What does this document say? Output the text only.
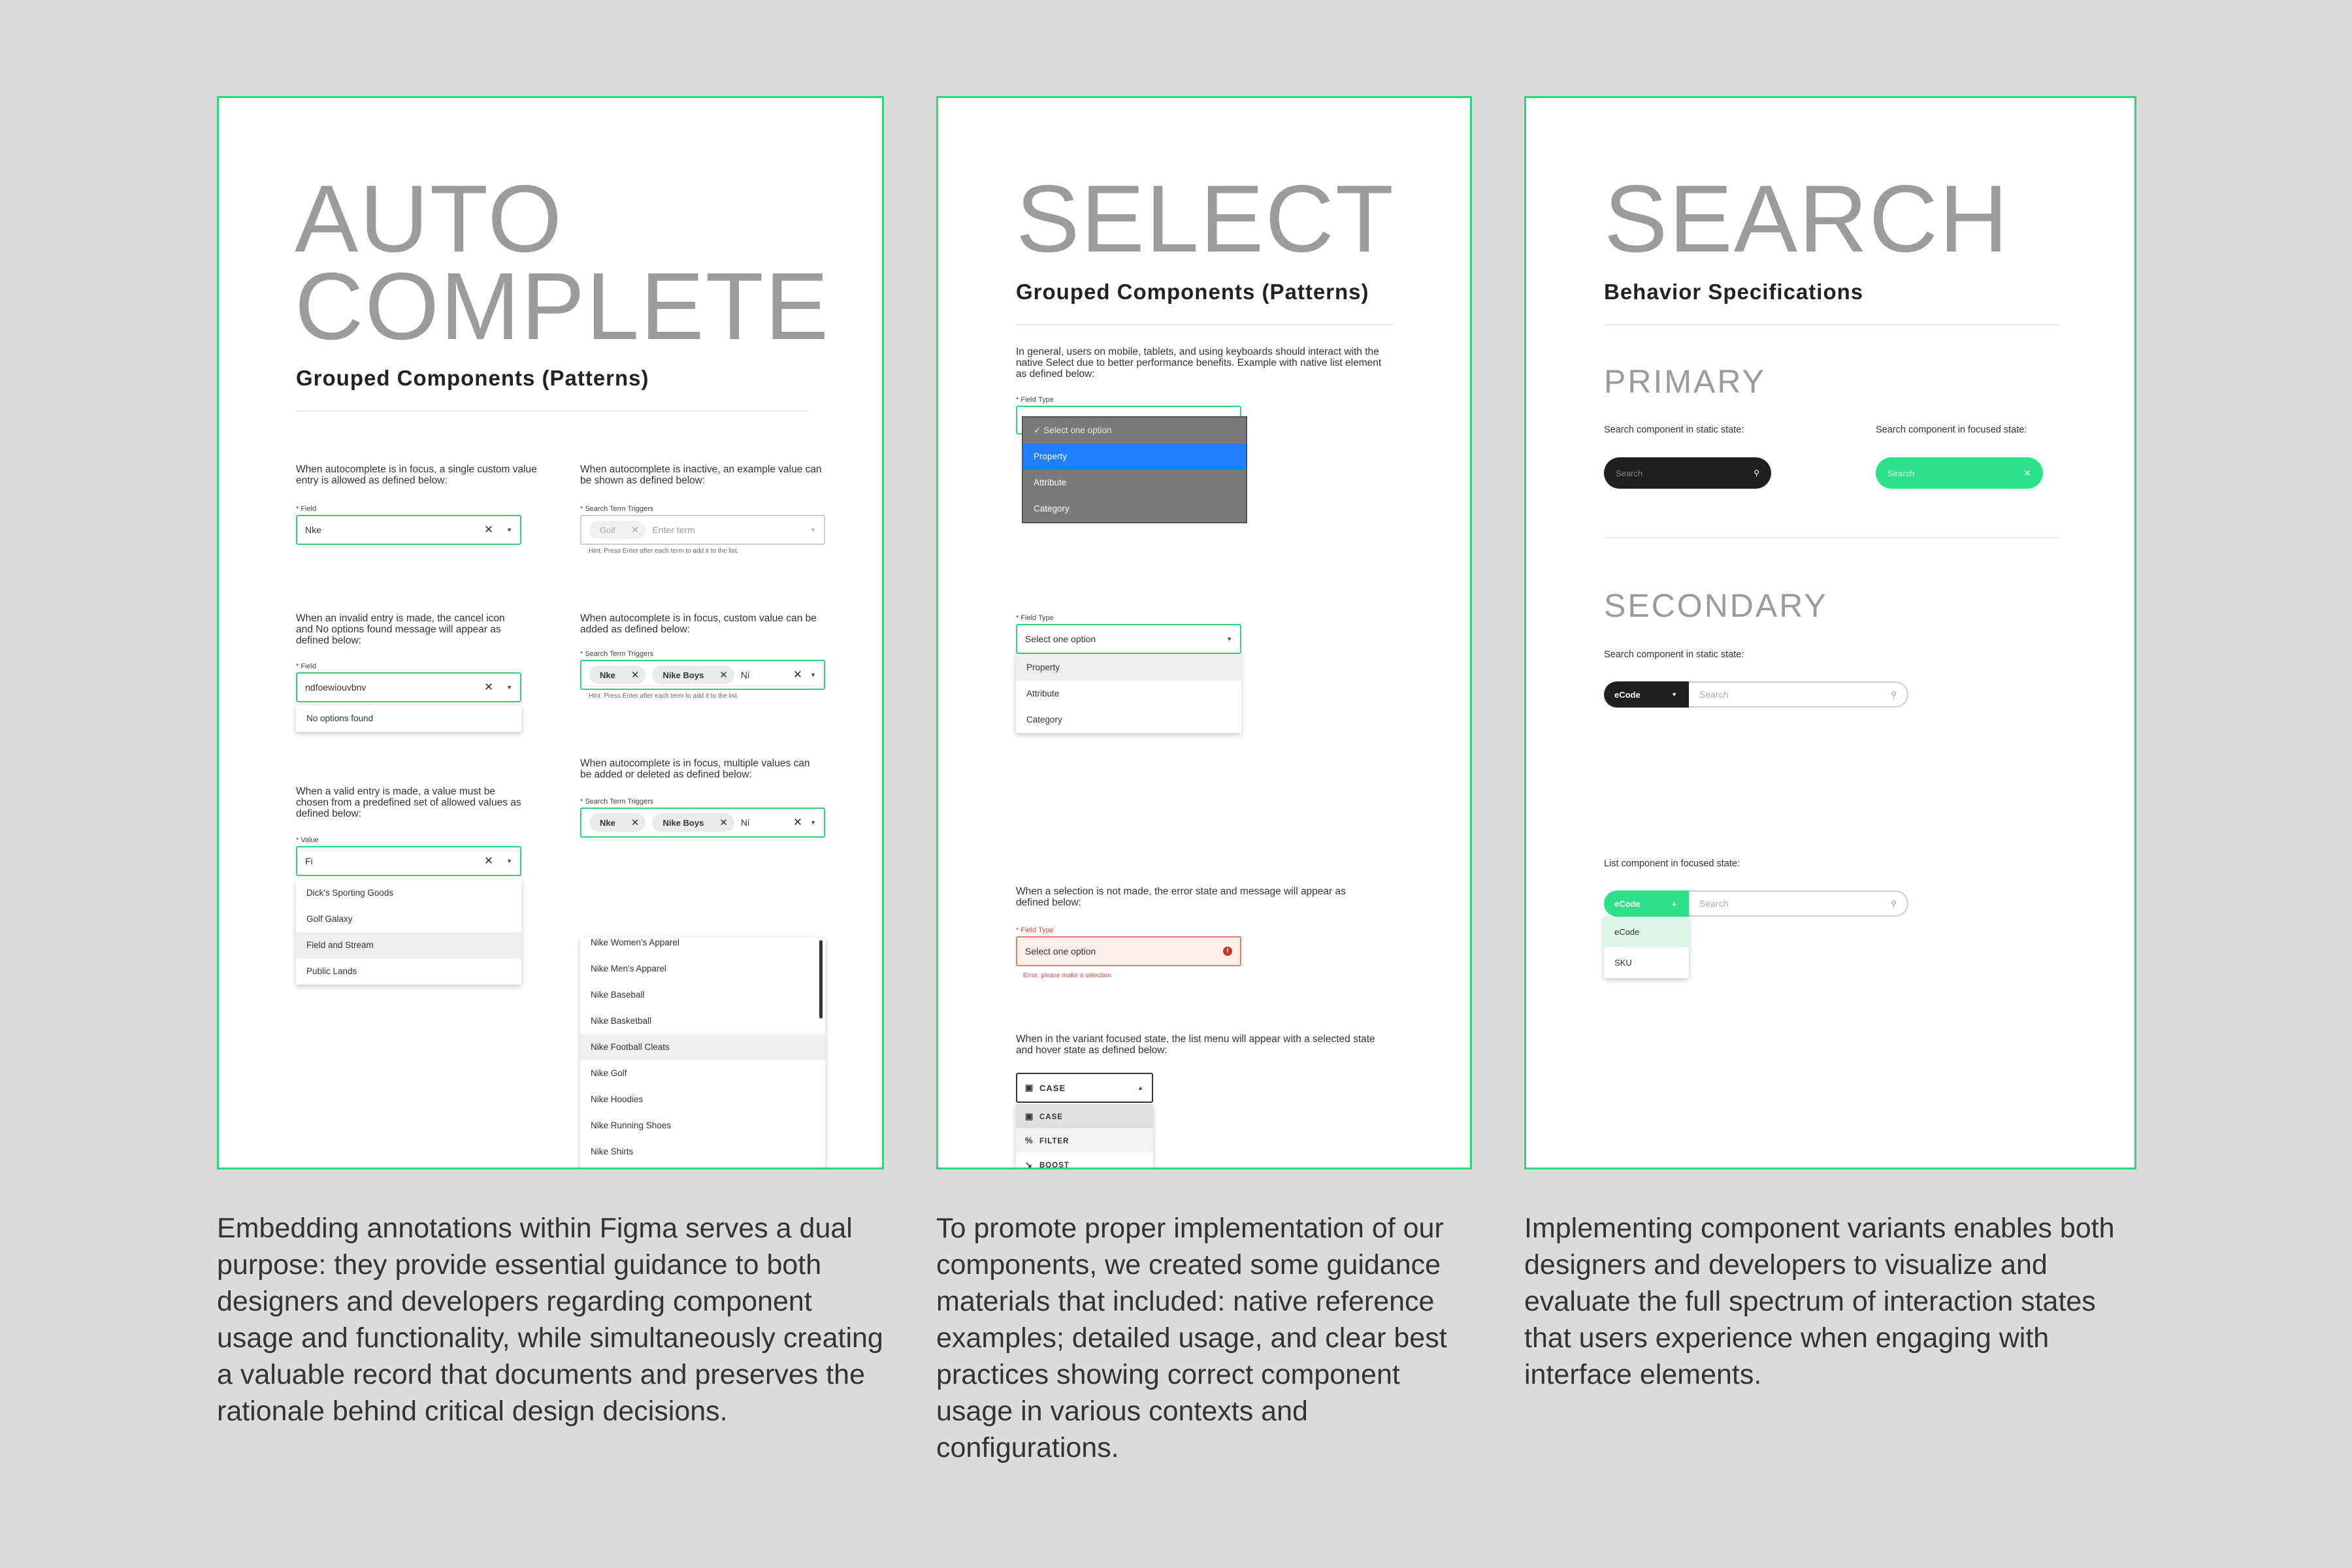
AUTO
COMPLETE
Grouped Components (Patterns)
When autocomplete is in focus, a single custom value entry is allowed as defined below:
* Field
Nke	✕ ▼
When autocomplete is inactive, an example value can be shown as defined below:
* Search Term Triggers
Golf ✕ Enter term	▼
Hint: Press Enter after each term to add it to the list.
When an invalid entry is made, the cancel icon and No options found message will appear as defined below:
* Field
ndfoewiouvbnv	✕ ▼
No options found
When autocomplete is in focus, custom value can be added as defined below:
* Search Term Triggers
Nke ✕	Nike Boys ✕ Ni	✕ ▼
Hint: Press Enter after each term to add it to the list.
When a valid entry is made, a value must be chosen from a predefined set of allowed values as defined below:
* Value
Fi	✕ ▼
Dick's Sporting Goods
Golf Galaxy
Field and Stream
Public Lands
When autocomplete is in focus, multiple values can be added or deleted as defined below:
* Search Term Triggers
Nke ✕	Nike Boys ✕ Ni	✕ ▼
Nike Women's Apparel
Nike Men's Apparel
Nike Baseball
Nike Basketball
Nike Football Cleats
Nike Golf
Nike Hoodies
Nike Running Shoes
Nike Shirts
SELECT
Grouped Components (Patterns)
In general, users on mobile, tablets, and using keyboards should interact with the native Select due to better performance benefits. Example with native list element as defined below:
* Field Type
✓ Select one option
Property
Attribute
Category
* Field Type
Select one option	▼
Property
Attribute
Category
When a selection is not made, the error state and message will appear as defined below:
* Field Type
Select one option	!
Error, please make a selection.
When in the variant focused state, the list menu will appear with a selected state and hover state as defined below:
▣ CASE	▲
▣ CASE
% FILTER
↘ BOOST
SEARCH
Behavior Specifications
PRIMARY
Search component in static state:	Search component in focused state:
Search	⚲	Search	✕
SECONDARY
Search component in static state:
eCode	▼ Search	⚲
List component in focused state:
eCode	▲ Search	⚲
eCode
SKU
Embedding annotations within Figma serves a dual purpose: they provide essential guidance to both designers and developers regarding component usage and functionality, while simultaneously creating a valuable record that documents and preserves the rationale behind critical design decisions.
To promote proper implementation of our components, we created some guidance materials that included: native reference examples; detailed usage, and clear best practices showing correct component usage in various contexts and configurations.
Implementing component variants enables both designers and developers to visualize and evaluate the full spectrum of interaction states that users experience when engaging with interface elements.
